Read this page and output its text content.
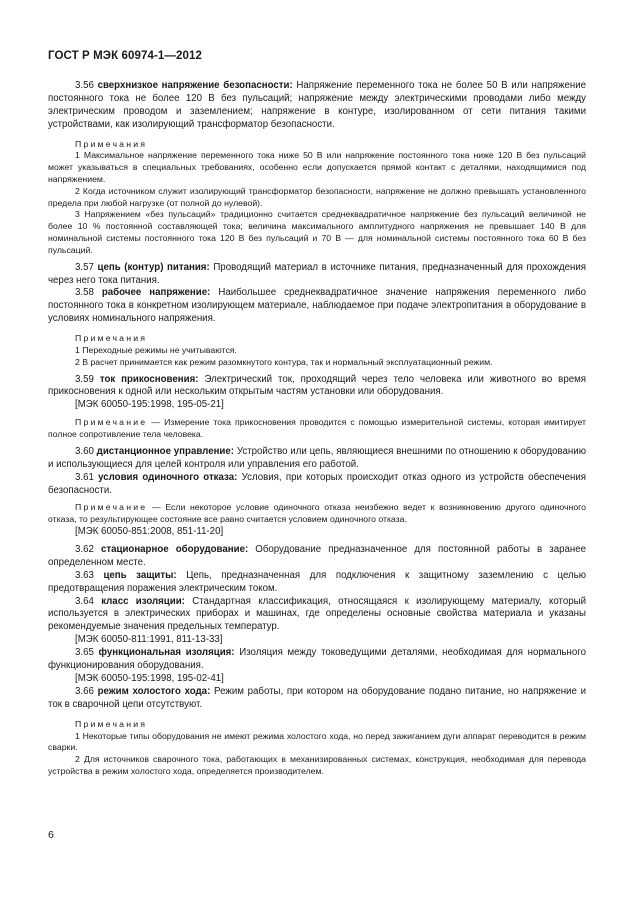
ГОСТ Р МЭК 60974-1—2012

3.56 сверхнизкое напряжение безопасности: Напряжение переменного тока не более 50 В или напряжение постоянного тока не более 120 В без пульсаций; напряжение между электрическими проводами либо между электрическим проводом и заземлением; напряжение в контуре, изолированном от сети питания такими устройствами, как изолирующий трансформатор безопасности.

Примечания

1 Максимальное напряжение переменного тока ниже 50 В или напряжение постоянного тока ниже 120 В без пульсаций может указываться в специальных требованиях, особенно если допускается прямой контакт с деталями, находящимися под напряжением.

2 Когда источником служит изолирующий трансформатор безопасности, напряжение не должно превышать установленного предела при любой нагрузке (от полной до нулевой).

3 Напряжением «без пульсаций» традиционно считается среднеквадратичное напряжение без пульсаций величиной не более 10 % постоянной составляющей тока; величина максимального амплитудного напряжения не превышает 140 В для номинальной системы постоянного тока 120 В без пульсаций и 70 В — для номинальной системы постоянного тока 60 В без пульсаций.

3.57 цепь (контур) питания: Проводящий материал в источнике питания, предназначенный для прохождения через него тока питания.

3.58 рабочее напряжение: Наибольшее среднеквадратичное значение напряжения переменного либо постоянного тока в конкретном изолирующем материале, наблюдаемое при подаче электропитания в оборудование в условиях номинального напряжения.

Примечания

1 Переходные режимы не учитываются.

2 В расчет принимается как режим разомкнутого контура, так и нормальный эксплуатационный режим.

3.59 ток прикосновения: Электрический ток, проходящий через тело человека или животного во время прикосновения к одной или нескольким открытым частям установки или оборудования.

[МЭК 60050-195:1998, 195-05-21]

Примечание — Измерение тока прикосновения проводится с помощью измерительной системы, которая имитирует полное сопротивление тела человека.

3.60 дистанционное управление: Устройство или цепь, являющиеся внешними по отношению к оборудованию и использующиеся для целей контроля или управления его работой.

3.61 условия одиночного отказа: Условия, при которых происходит отказ одного из устройств обеспечения безопасности.

Примечание — Если некоторое условие одиночного отказа неизбежно ведет к возникновению другого одиночного отказа, то результирующее состояние все равно считается условием одиночного отказа.

[МЭК 60050-851:2008, 851-11-20]

3.62 стационарное оборудование: Оборудование предназначенное для постоянной работы в заранее определенном месте.

3.63 цепь защиты: Цепь, предназначенная для подключения к защитному заземлению с целью предотвращения поражения электрическим током.

3.64 класс изоляции: Стандартная классификация, относящаяся к изолирующему материалу, который используется в электрических приборах и машинах, где определены основные свойства материала и указаны рекомендуемые значения предельных температур.

[МЭК 60050-811:1991, 811-13-33]

3.65 функциональная изоляция: Изоляция между токоведущими деталями, необходимая для нормального функционирования оборудования.

[МЭК 60050-195:1998, 195-02-41]

3.66 режим холостого хода: Режим работы, при котором на оборудование подано питание, но напряжение и ток в сварочной цепи отсутствуют.

Примечания

1 Некоторые типы оборудования не имеют режима холостого хода, но перед зажиганием дуги аппарат переводится в режим сварки.

2 Для источников сварочного тока, работающих в механизированных системах, конструкция, необходимая для перевода устройства в режим холостого хода, определяется производителем.

6
